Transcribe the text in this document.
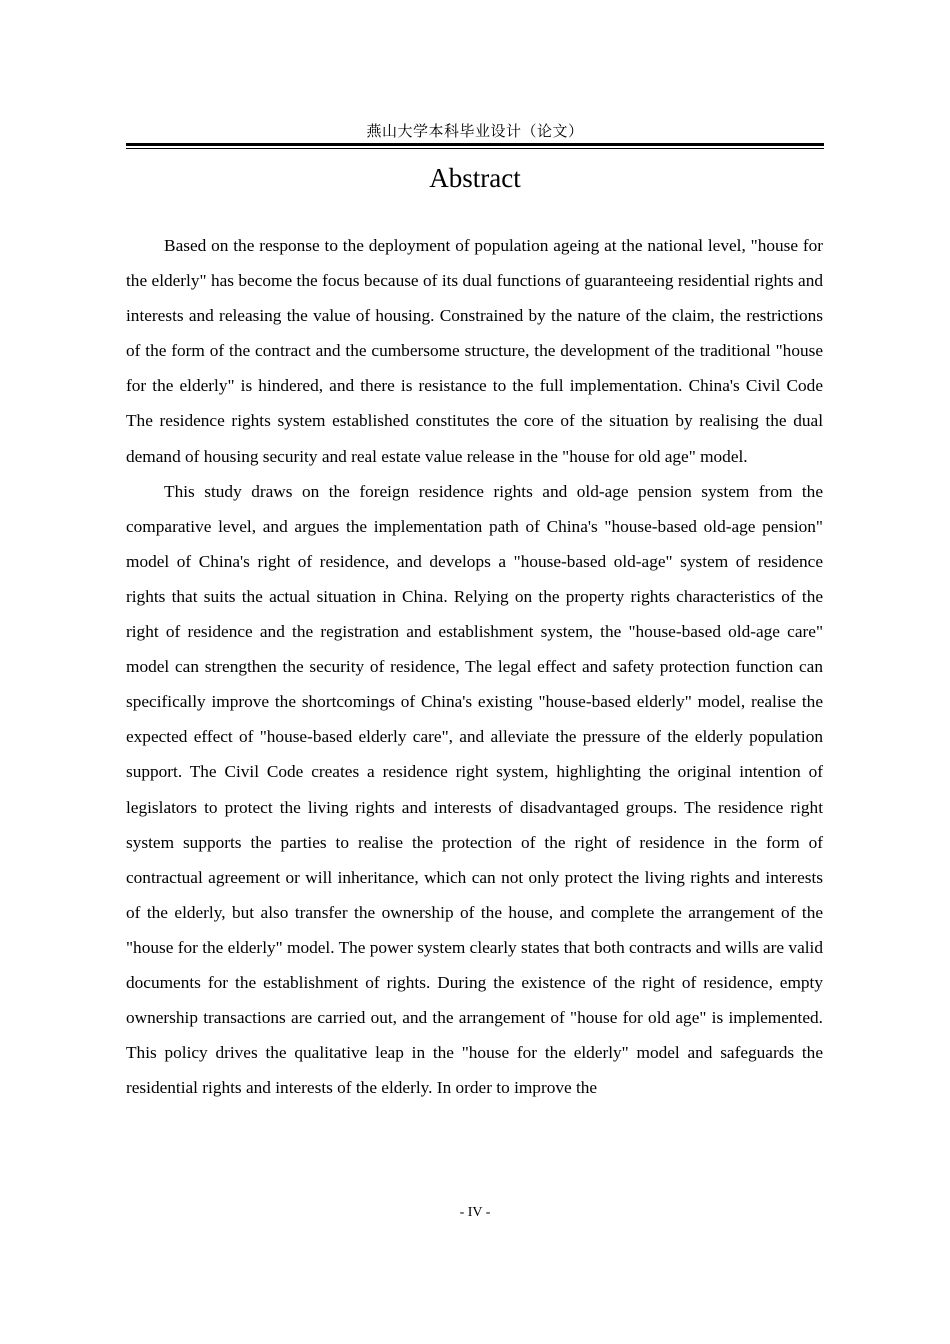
燕山大学本科毕业设计（论文）
Abstract

Based on the response to the deployment of population ageing at the national level, "house for the elderly" has become the focus because of its dual functions of guaranteeing residential rights and interests and releasing the value of housing. Constrained by the nature of the claim, the restrictions of the form of the contract and the cumbersome structure, the development of the traditional "house for the elderly" is hindered, and there is resistance to the full implementation. China's Civil Code The residence rights system established constitutes the core of the situation by realising the dual demand of housing security and real estate value release in the "house for old age" model.

This study draws on the foreign residence rights and old-age pension system from the comparative level, and argues the implementation path of China's "house-based old-age pension" model of China's right of residence, and develops a "house-based old-age" system of residence rights that suits the actual situation in China. Relying on the property rights characteristics of the right of residence and the registration and establishment system, the "house-based old-age care" model can strengthen the security of residence, The legal effect and safety protection function can specifically improve the shortcomings of China's existing "house-based elderly" model, realise the expected effect of "house-based elderly care", and alleviate the pressure of the elderly population support. The Civil Code creates a residence right system, highlighting the original intention of legislators to protect the living rights and interests of disadvantaged groups. The residence right system supports the parties to realise the protection of the right of residence in the form of contractual agreement or will inheritance, which can not only protect the living rights and interests of the elderly, but also transfer the ownership of the house, and complete the arrangement of the "house for the elderly" model. The power system clearly states that both contracts and wills are valid documents for the establishment of rights. During the existence of the right of residence, empty ownership transactions are carried out, and the arrangement of "house for old age" is implemented. This policy drives the qualitative leap in the "house for the elderly" model and safeguards the residential rights and interests of the elderly. In order to improve the

- IV -
